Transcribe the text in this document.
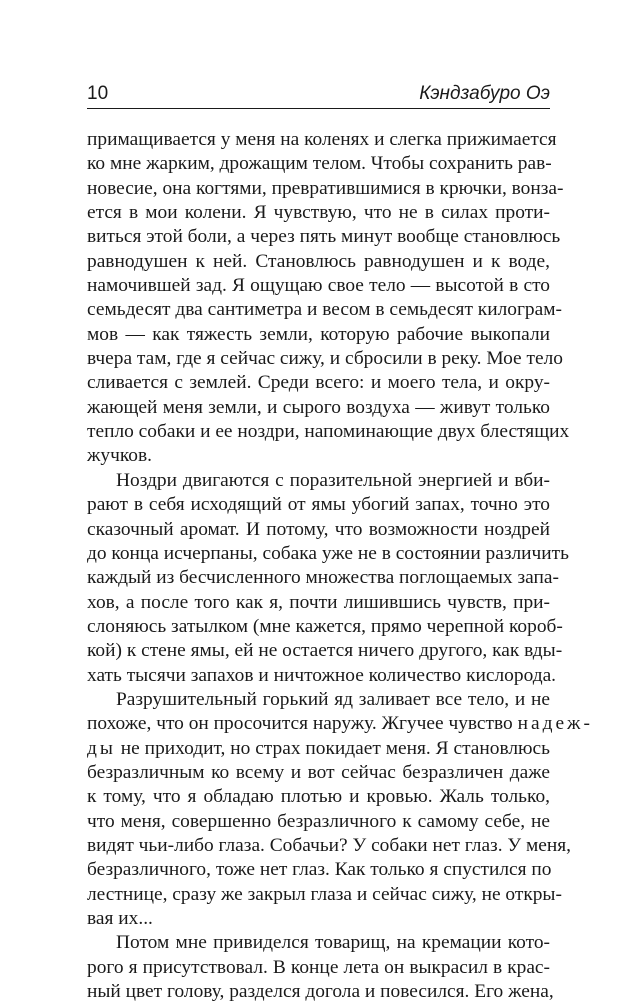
10	Кэндзабуро Оэ
примащивается у меня на коленях и слегка прижимается
ко мне жарким, дрожащим телом. Чтобы сохранить рав-
новесие, она когтями, превратившимися в крючки, вонза-
ется в мои колени. Я чувствую, что не в силах проти-
виться этой боли, а через пять минут вообще становлюсь
равнодушен к ней. Становлюсь равнодушен и к воде,
намочившей зад. Я ощущаю свое тело — высотой в сто
семьдесят два сантиметра и весом в семьдесят килограм-
мов — как тяжесть земли, которую рабочие выкопали
вчера там, где я сейчас сижу, и сбросили в реку. Мое тело
сливается с землей. Среди всего: и моего тела, и окру-
жающей меня земли, и сырого воздуха — живут только
тепло собаки и ее ноздри, напоминающие двух блестящих
жучков.
Ноздри двигаются с поразительной энергией и вби-
рают в себя исходящий от ямы убогий запах, точно это
сказочный аромат. И потому, что возможности ноздрей
до конца исчерпаны, собака уже не в состоянии различить
каждый из бесчисленного множества поглощаемых запа-
хов, а после того как я, почти лишившись чувств, при-
слоняюсь затылком (мне кажется, прямо черепной короб-
кой) к стене ямы, ей не остается ничего другого, как вды-
хать тысячи запахов и ничтожное количество кислорода.
Разрушительный горький яд заливает все тело, и не
похоже, что он просочится наружу. Жгучее чувство надеж-
ды не приходит, но страх покидает меня. Я становлюсь
безразличным ко всему и вот сейчас безразличен даже
к тому, что я обладаю плотью и кровью. Жаль только,
что меня, совершенно безразличного к самому себе, не
видят чьи-либо глаза. Собачьи? У собаки нет глаз. У меня,
безразличного, тоже нет глаз. Как только я спустился по
лестнице, сразу же закрыл глаза и сейчас сижу, не откры-
вая их...
Потом мне привиделся товарищ, на кремации кото-
рого я присутствовал. В конце лета он выкрасил в крас-
ный цвет голову, разделся догола и повесился. Его жена,
